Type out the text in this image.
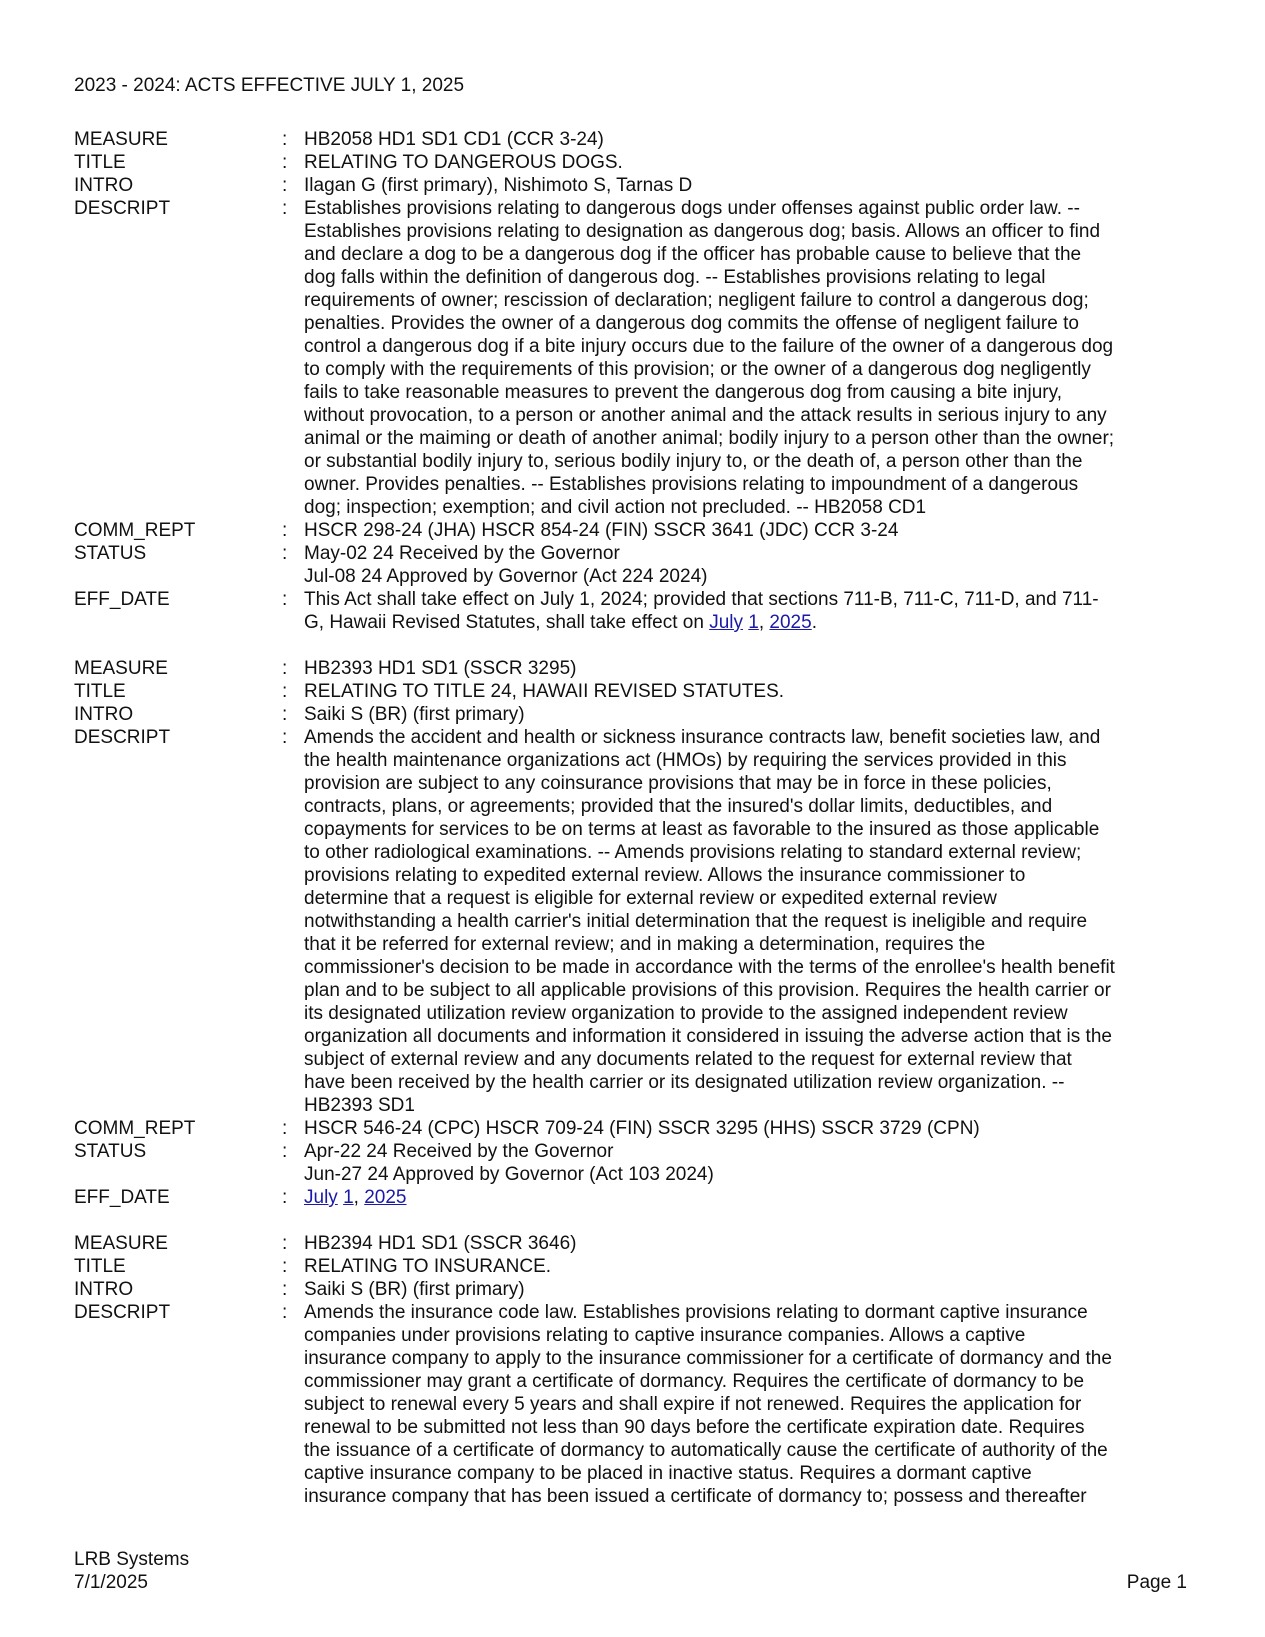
2023 - 2024: ACTS EFFECTIVE JULY 1, 2025
MEASURE	: HB2058 HD1 SD1 CD1 (CCR 3-24)
TITLE	: RELATING TO DANGEROUS DOGS.
INTRO	: Ilagan G (first primary), Nishimoto S, Tarnas D
DESCRIPT	: Establishes provisions relating to dangerous dogs under offenses against public order law. --
Establishes provisions relating to designation as dangerous dog; basis. Allows an officer to find
and declare a dog to be a dangerous dog if the officer has probable cause to believe that the
dog falls within the definition of dangerous dog. -- Establishes provisions relating to legal
requirements of owner; rescission of declaration; negligent failure to control a dangerous dog;
penalties. Provides the owner of a dangerous dog commits the offense of negligent failure to
control a dangerous dog if a bite injury occurs due to the failure of the owner of a dangerous dog
to comply with the requirements of this provision; or the owner of a dangerous dog negligently
fails to take reasonable measures to prevent the dangerous dog from causing a bite injury,
without provocation, to a person or another animal and the attack results in serious injury to any
animal or the maiming or death of another animal; bodily injury to a person other than the owner;
or substantial bodily injury to, serious bodily injury to, or the death of, a person other than the
owner. Provides penalties. -- Establishes provisions relating to impoundment of a dangerous
dog; inspection; exemption; and civil action not precluded. -- HB2058 CD1
COMM_REPT	: HSCR 298-24 (JHA) HSCR 854-24 (FIN) SSCR 3641 (JDC) CCR 3-24
STATUS	: May-02 24 Received by the Governor
Jul-08 24 Approved by Governor (Act 224 2024)
EFF_DATE	: This Act shall take effect on July 1, 2024; provided that sections 711-B, 711-C, 711-D, and 711-
G, Hawaii Revised Statutes, shall take effect on July 1, 2025.
MEASURE	: HB2393 HD1 SD1 (SSCR 3295)
TITLE	: RELATING TO TITLE 24, HAWAII REVISED STATUTES.
INTRO	: Saiki S (BR) (first primary)
DESCRIPT	: Amends the accident and health or sickness insurance contracts law, benefit societies law, and
the health maintenance organizations act (HMOs) by requiring the services provided in this
provision are subject to any coinsurance provisions that may be in force in these policies,
contracts, plans, or agreements; provided that the insured's dollar limits, deductibles, and
copayments for services to be on terms at least as favorable to the insured as those applicable
to other radiological examinations. -- Amends provisions relating to standard external review;
provisions relating to expedited external review. Allows the insurance commissioner to
determine that a request is eligible for external review or expedited external review
notwithstanding a health carrier's initial determination that the request is ineligible and require
that it be referred for external review; and in making a determination, requires the
commissioner's decision to be made in accordance with the terms of the enrollee's health benefit
plan and to be subject to all applicable provisions of this provision. Requires the health carrier or
its designated utilization review organization to provide to the assigned independent review
organization all documents and information it considered in issuing the adverse action that is the
subject of external review and any documents related to the request for external review that
have been received by the health carrier or its designated utilization review organization. --
HB2393 SD1
COMM_REPT	: HSCR 546-24 (CPC) HSCR 709-24 (FIN) SSCR 3295 (HHS) SSCR 3729 (CPN)
STATUS	: Apr-22 24 Received by the Governor
Jun-27 24 Approved by Governor (Act 103 2024)
EFF_DATE	: July 1, 2025
MEASURE	: HB2394 HD1 SD1 (SSCR 3646)
TITLE	: RELATING TO INSURANCE.
INTRO	: Saiki S (BR) (first primary)
DESCRIPT	: Amends the insurance code law. Establishes provisions relating to dormant captive insurance
companies under provisions relating to captive insurance companies. Allows a captive
insurance company to apply to the insurance commissioner for a certificate of dormancy and the
commissioner may grant a certificate of dormancy. Requires the certificate of dormancy to be
subject to renewal every 5 years and shall expire if not renewed. Requires the application for
renewal to be submitted not less than 90 days before the certificate expiration date. Requires
the issuance of a certificate of dormancy to automatically cause the certificate of authority of the
captive insurance company to be placed in inactive status. Requires a dormant captive
insurance company that has been issued a certificate of dormancy to; possess and thereafter
LRB Systems
7/1/2025	Page 1
